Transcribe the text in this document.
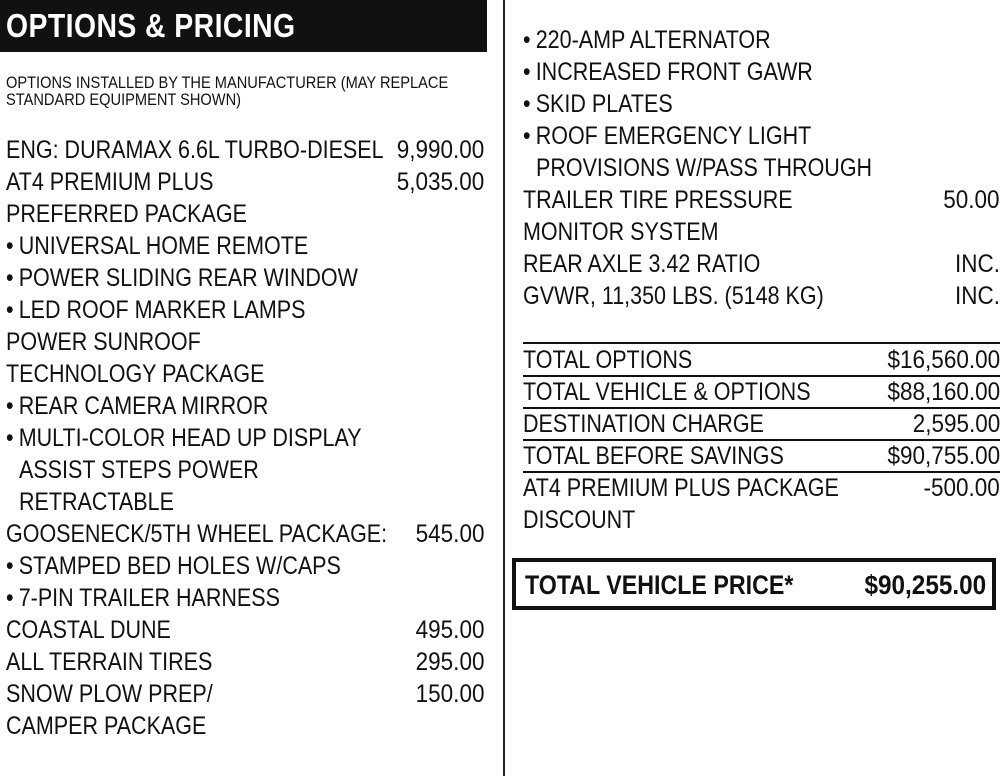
OPTIONS & PRICING
OPTIONS INSTALLED BY THE MANUFACTURER (MAY REPLACE
STANDARD EQUIPMENT SHOWN)
ENG: DURAMAX 6.6L TURBO-DIESEL 9,990.00
AT4 PREMIUM PLUS	5,035.00
PREFERRED PACKAGE
• UNIVERSAL HOME REMOTE
• POWER SLIDING REAR WINDOW
• LED ROOF MARKER LAMPS
POWER SUNROOF
TECHNOLOGY PACKAGE
• REAR CAMERA MIRROR
• MULTI-COLOR HEAD UP DISPLAY
ASSIST STEPS POWER
RETRACTABLE
GOOSENECK/5TH WHEEL PACKAGE: 545.00
• STAMPED BED HOLES W/CAPS
• 7-PIN TRAILER HARNESS
COASTAL DUNE	495.00
ALL TERRAIN TIRES	295.00
SNOW PLOW PREP/	150.00
CAMPER PACKAGE
• 220-AMP ALTERNATOR
• INCREASED FRONT GAWR
• SKID PLATES
• ROOF EMERGENCY LIGHT
PROVISIONS W/PASS THROUGH
TRAILER TIRE PRESSURE	50.00
MONITOR SYSTEM
REAR AXLE 3.42 RATIO	INC.
GVWR, 11,350 LBS. (5148 KG)	INC.
TOTAL OPTIONS	$16,560.00
TOTAL VEHICLE & OPTIONS	$88,160.00
DESTINATION CHARGE	2,595.00
TOTAL BEFORE SAVINGS	$90,755.00
AT4 PREMIUM PLUS PACKAGE	-500.00
DISCOUNT
TOTAL VEHICLE PRICE*	$90,255.00
